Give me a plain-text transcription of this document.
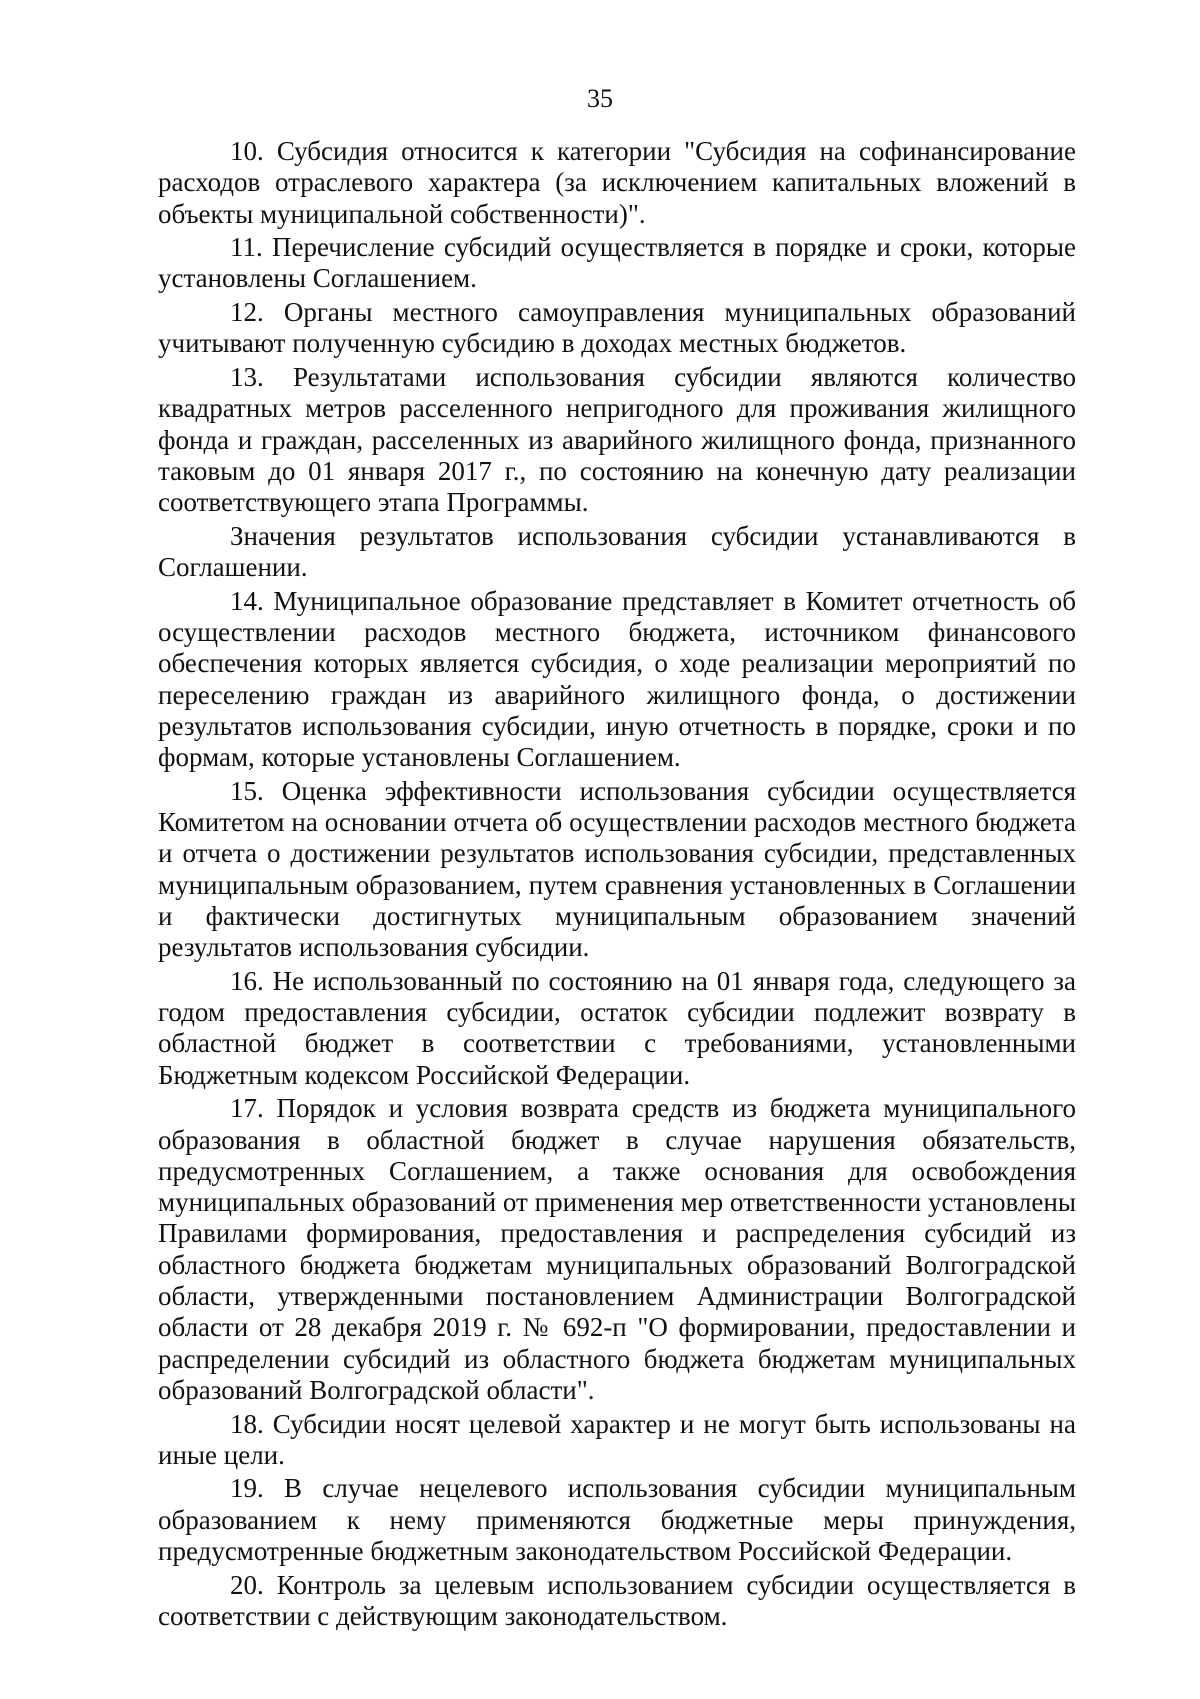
35

10. Субсидия относится к категории "Субсидия на софинансирование расходов отраслевого характера (за исключением капитальных вложений в объекты муниципальной собственности)".

11. Перечисление субсидий осуществляется в порядке и сроки, которые установлены Соглашением.

12. Органы местного самоуправления муниципальных образований учитывают полученную субсидию в доходах местных бюджетов.

13. Результатами использования субсидии являются количество квадратных метров расселенного непригодного для проживания жилищного фонда и граждан, расселенных из аварийного жилищного фонда, признанного таковым до 01 января 2017 г., по состоянию на конечную дату реализации соответствующего этапа Программы.

Значения результатов использования субсидии устанавливаются в Соглашении.

14. Муниципальное образование представляет в Комитет отчетность об осуществлении расходов местного бюджета, источником финансового обеспечения которых является субсидия, о ходе реализации мероприятий по переселению граждан из аварийного жилищного фонда, о достижении результатов использования субсидии, иную отчетность в порядке, сроки и по формам, которые установлены Соглашением.

15. Оценка эффективности использования субсидии осуществляется Комитетом на основании отчета об осуществлении расходов местного бюджета и отчета о достижении результатов использования субсидии, представленных муниципальным образованием, путем сравнения установленных в Соглашении и фактически достигнутых муниципальным образованием значений результатов использования субсидии.

16. Не использованный по состоянию на 01 января года, следующего за годом предоставления субсидии, остаток субсидии подлежит возврату в областной бюджет в соответствии с требованиями, установленными Бюджетным кодексом Российской Федерации.

17. Порядок и условия возврата средств из бюджета муниципального образования в областной бюджет в случае нарушения обязательств, предусмотренных Соглашением, а также основания для освобождения муниципальных образований от применения мер ответственности установлены Правилами формирования, предоставления и распределения субсидий из областного бюджета бюджетам муниципальных образований Волгоградской области, утвержденными постановлением Администрации Волгоградской области от 28 декабря 2019 г. № 692-п "О формировании, предоставлении и распределении субсидий из областного бюджета бюджетам муниципальных образований Волгоградской области".

18. Субсидии носят целевой характер и не могут быть использованы на иные цели.

19. В случае нецелевого использования субсидии муниципальным образованием к нему применяются бюджетные меры принуждения, предусмотренные бюджетным законодательством Российской Федерации.

20. Контроль за целевым использованием субсидии осуществляется в соответствии с действующим законодательством.
